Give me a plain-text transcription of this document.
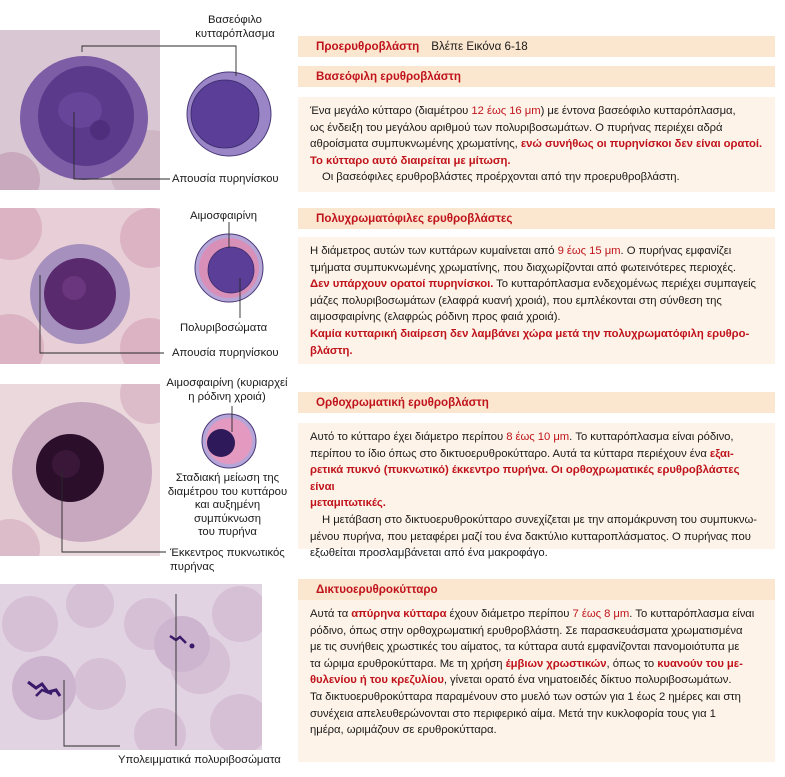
Βασεόφιλο
κυτταρόπλασμα
Απουσία πυρηνίσκου
Αιμοσφαιρίνη
Πολυριβοσώματα
Απουσία πυρηνίσκου
Αιμοσφαιρίνη (κυριαρχεί
η ρόδινη χροιά)
Σταδιακή μείωση της
διαμέτρου του κυττάρου
και αυξημένη συμπύκνωση
του πυρήνα
Έκκεντρος πυκνωτικός
πυρήνας
Υπολειμματικά πολυριβοσώματα
Προερυθροβλάστη Βλέπε Εικόνα 6-18
Βασεόφιλη ερυθροβλάστη
Ένα μεγάλο κύτταρο (διαμέτρου 12 έως 16 μm) με έντονα βασεόφιλο κυτταρόπλασμα,
ως ένδειξη του μεγάλου αριθμού των πολυριβοσωμάτων. Ο πυρήνας περιέχει αδρά
αθροίσματα συμπυκνωμένης χρωματίνης, ενώ συνήθως οι πυρηνίσκοι δεν είναι ορατοί.
Το κύτταρο αυτό διαιρείται με μίτωση.
Οι βασεόφιλες ερυθροβλάστες προέρχονται από την προερυθροβλάστη.
Πολυχρωματόφιλες ερυθροβλάστες
Η διάμετρος αυτών των κυττάρων κυμαίνεται από 9 έως 15 μm. Ο πυρήνας εμφανίζει
τμήματα συμπυκνωμένης χρωματίνης, που διαχωρίζονται από φωτεινότερες περιοχές.
Δεν υπάρχουν ορατοί πυρηνίσκοι. Το κυτταρόπλασμα ενδεχομένως περιέχει συμπαγείς
μάζες πολυριβοσωμάτων (ελαφρά κυανή χροιά), που εμπλέκονται στη σύνθεση της
αιμοσφαιρίνης (ελαφρώς ρόδινη προς φαιά χροιά).
Καμία κυτταρική διαίρεση δεν λαμβάνει χώρα μετά την πολυχρωματόφιλη ερυθρο-
βλάστη.
Ορθοχρωματική ερυθροβλάστη
Αυτό το κύτταρο έχει διάμετρο περίπου 8 έως 10 μm. Το κυτταρόπλασμα είναι ρόδινο,
περίπου το ίδιο όπως στο δικτυοερυθροκύτταρο. Αυτά τα κύτταρα περιέχουν ένα εξαι-
ρετικά πυκνό (πυκνωτικό) έκκεντρο πυρήνα. Οι ορθοχρωματικές ερυθροβλάστες είναι
μεταμιτωτικές.
Η μετάβαση στο δικτυοερυθροκύτταρο συνεχίζεται με την απομάκρυνση του συμπυκνω-
μένου πυρήνα, που μεταφέρει μαζί του ένα δακτύλιο κυτταροπλάσματος. Ο πυρήνας που
εξωθείται προσλαμβάνεται από ένα μακροφάγο.
Δικτυοερυθροκύτταρο
Αυτά τα απύρηνα κύτταρα έχουν διάμετρο περίπου 7 έως 8 μm. Το κυτταρόπλασμα είναι
ρόδινο, όπως στην ορθοχρωματική ερυθροβλάστη. Σε παρασκευάσματα χρωματισμένα
με τις συνήθεις χρωστικές του αίματος, τα κύτταρα αυτά εμφανίζονται πανομοιότυπα με
τα ώριμα ερυθροκύτταρα. Με τη χρήση έμβιων χρωστικών, όπως το κυανούν του με-
θυλενίου ή του κρεζυλίου, γίνεται ορατό ένα νηματοειδές δίκτυο πολυριβοσωμάτων.
Τα δικτυοερυθροκύτταρα παραμένουν στο μυελό των οστών για 1 έως 2 ημέρες και στη
συνέχεια απελευθερώνονται στο περιφερικό αίμα. Μετά την κυκλοφορία τους για 1
ημέρα, ωριμάζουν σε ερυθροκύτταρα.
